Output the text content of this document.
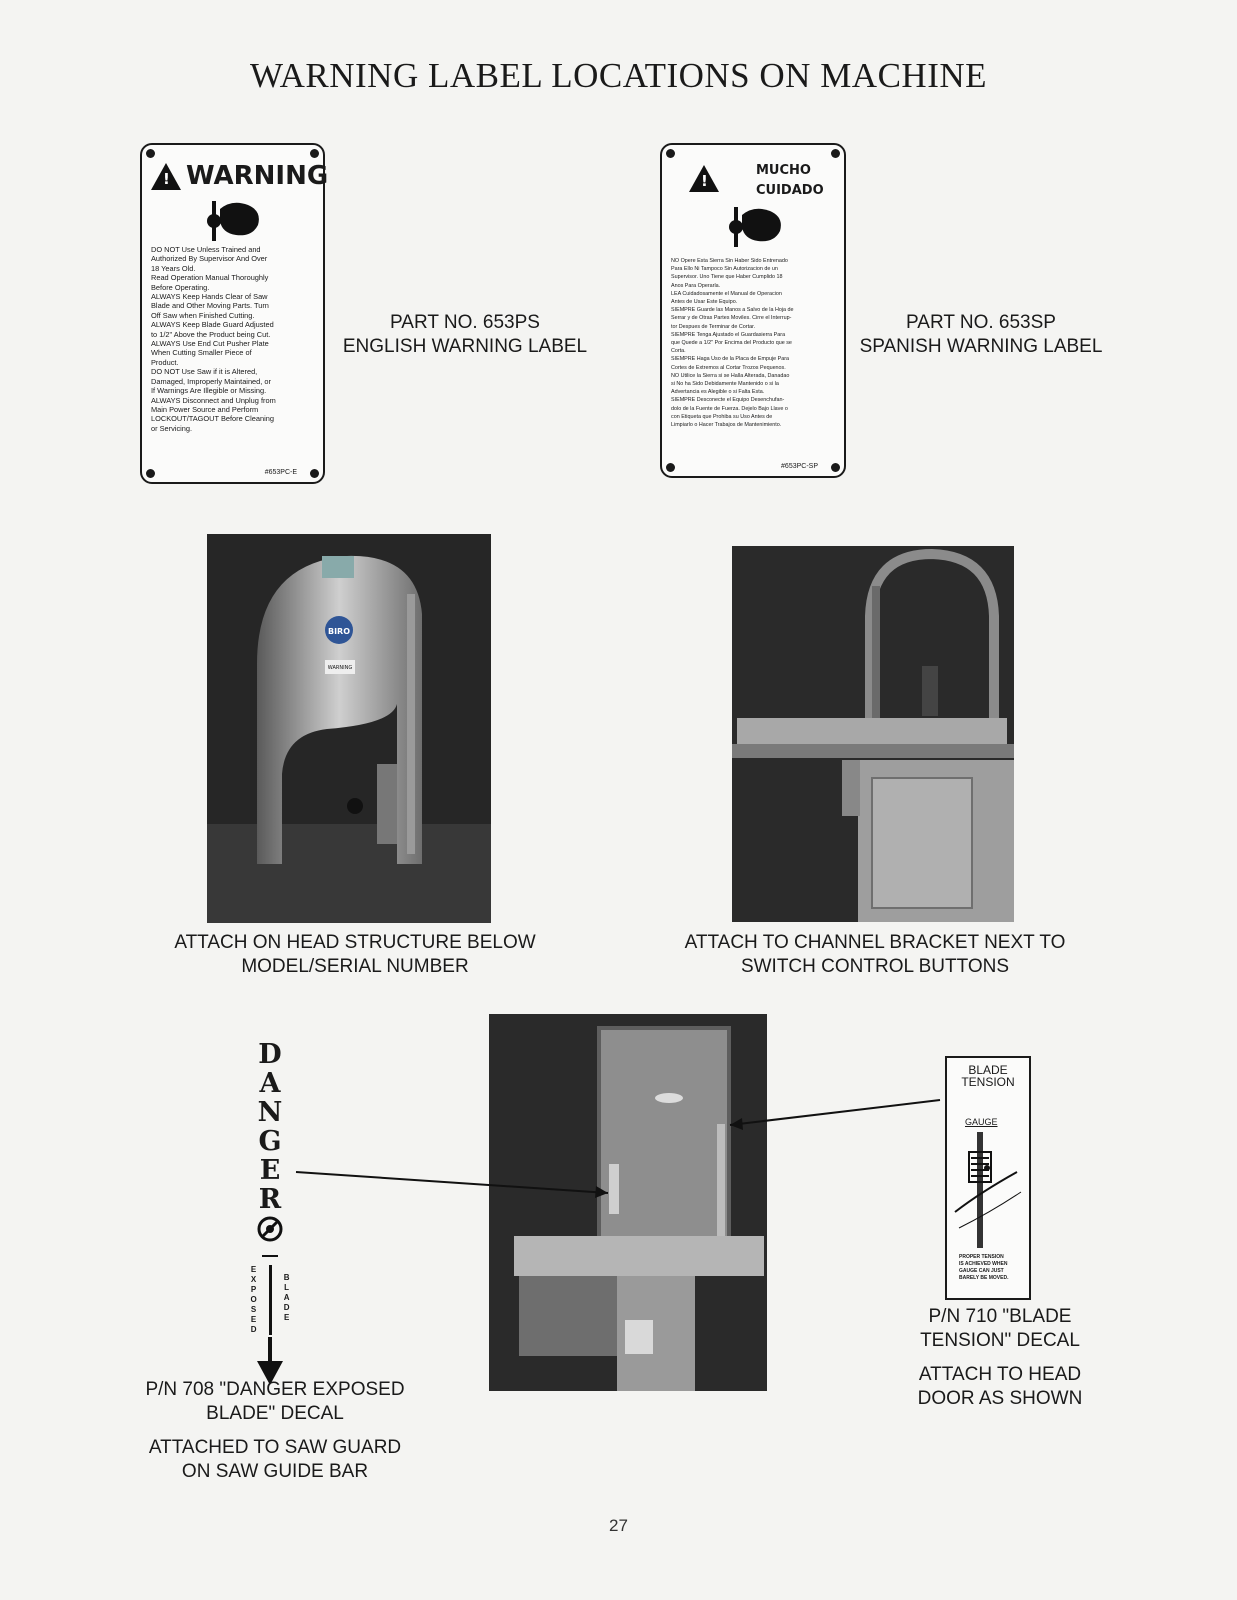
WARNING LABEL LOCATIONS ON MACHINE
! WARNING
DO NOT Use Unless Trained and
Authorized By Supervisor And Over
18 Years Old.
Read Operation Manual Thoroughly
Before Operating.
ALWAYS Keep Hands Clear of Saw
Blade and Other Moving Parts. Turn
Off Saw when Finished Cutting.
ALWAYS Keep Blade Guard Adjusted
to 1/2" Above the Product being Cut.
ALWAYS Use End Cut Pusher Plate
When Cutting Smaller Piece of
Product.
DO NOT Use Saw if it is Altered,
Damaged, Improperly Maintained, or
If Warnings Are Illegible or Missing.
ALWAYS Disconnect and Unplug from
Main Power Source and Perform
LOCKOUT/TAGOUT Before Cleaning
or Servicing.
#653PC-E
PART NO. 653PS
ENGLISH WARNING LABEL
!
MUCHO
CUIDADO
NO Opere Esta Sierra Sin Haber Sido Entrenado
Para Ello Ni Tampoco Sin Autorizacion de un
Supervisor. Uno Tiene que Haber Cumplido 18
Anos Para Operarla.
LEA Cuidadosamente el Manual de Operacion
Antes de Usar Este Equipo.
SIEMPRE Guarde las Manos a Salvo de la Hoja de
Serrar y de Otras Partes Moviles. Cirre el Interrup-
tor Despues de Terminar de Cortar.
SIEMPRE Tenga Ajustado el Guardasierra Para
que Quede a 1/2" Por Encima del Producto que se
Corta.
SIEMPRE Haga Uso de la Placa de Empuje Para
Cortes de Extremos al Cortar Trozos Pequenos.
NO Utilice la Sierra si se Halla Alterada, Danadao
si No ha Sido Debidamente Mantenido o si la
Advertancia es Alegible o si Falta Esta.
SIEMPRE Desconecte el Equipo Desenchufan-
dolo de la Fuente de Fuerza. Dejelo Bajo Llave o
con Etiqueta que Prohiba su Uso Antes de
Limpiarlo o Hacer Trabajos de Mantenimiento.
#653PC-SP
PART NO. 653SP
SPANISH WARNING LABEL
BIRO
WARNING
ATTACH ON HEAD STRUCTURE BELOW
MODEL/SERIAL NUMBER
ATTACH TO CHANNEL BRACKET NEXT TO
SWITCH CONTROL BUTTONS
D
A
N
G
E
R
E
X
P
O
S
E
D
B
L
A
D
E
P/N 708 "DANGER EXPOSED
BLADE" DECAL
ATTACHED TO SAW GUARD
ON SAW GUIDE BAR
BLADE
TENSION
GAUGE
PROPER TENSION
IS ACHIEVED WHEN
GAUGE CAN JUST
BARELY BE MOVED.
P/N 710 "BLADE
TENSION" DECAL
ATTACH TO HEAD
DOOR AS SHOWN
27
